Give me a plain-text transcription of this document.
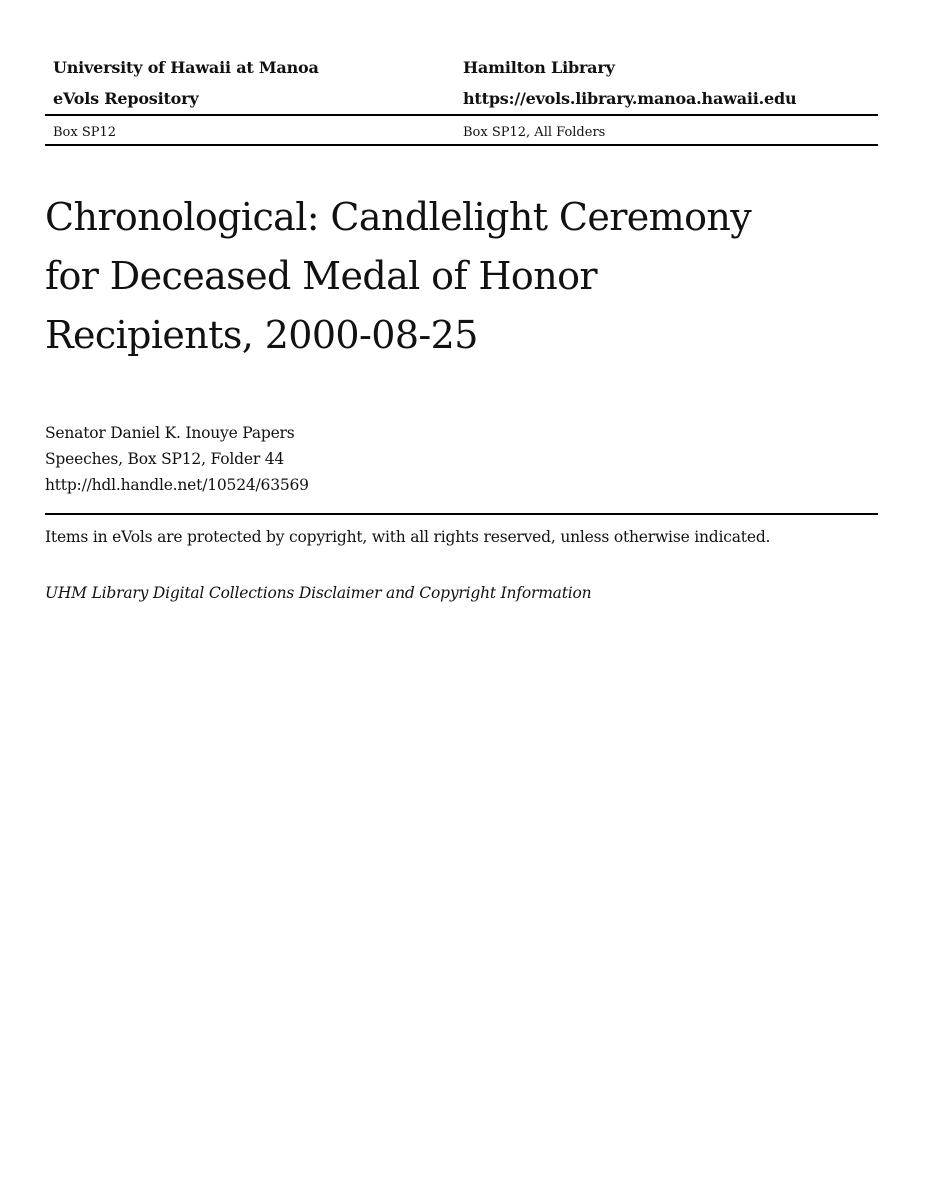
University of Hawaii at Manoa	Hamilton Library
eVols Repository	https://evols.library.manoa.hawaii.edu
Box SP12	Box SP12, All Folders
Chronological: Candlelight Ceremony
for Deceased Medal of Honor
Recipients, 2000-08-25
Senator Daniel K. Inouye Papers
Speeches, Box SP12, Folder 44
http://hdl.handle.net/10524/63569
Items in eVols are protected by copyright, with all rights reserved, unless otherwise indicated.
UHM Library Digital Collections Disclaimer and Copyright Information
